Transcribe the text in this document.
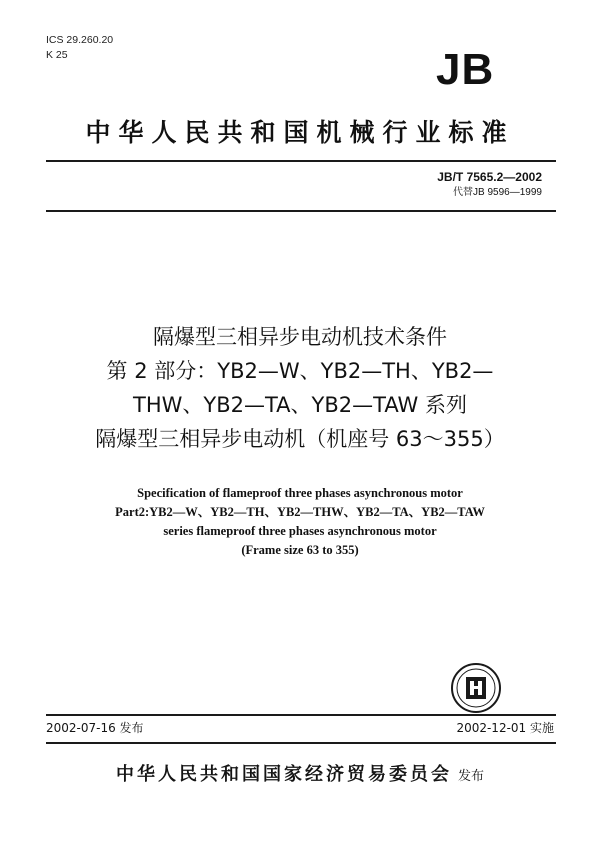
ICS 29.260.20
K 25	JB
中华人民共和国机械行业标准
JB/T 7565.2—2002
代替JB 9596—1999
隔爆型三相异步电动机技术条件
第 2 部分：YB2—W、YB2—TH、YB2—
THW、YB2—TA、YB2—TAW 系列
隔爆型三相异步电动机（机座号 63～355）
Specification of flameproof three phases asynchronous motor
Part2:YB2—W、YB2—TH、YB2—THW、YB2—TA、YB2—TAW
series flameproof three phases asynchronous motor
(Frame size 63 to 355)
2002-07-16 发布	2002-12-01 实施
中华人民共和国国家经济贸易委员会 发布
